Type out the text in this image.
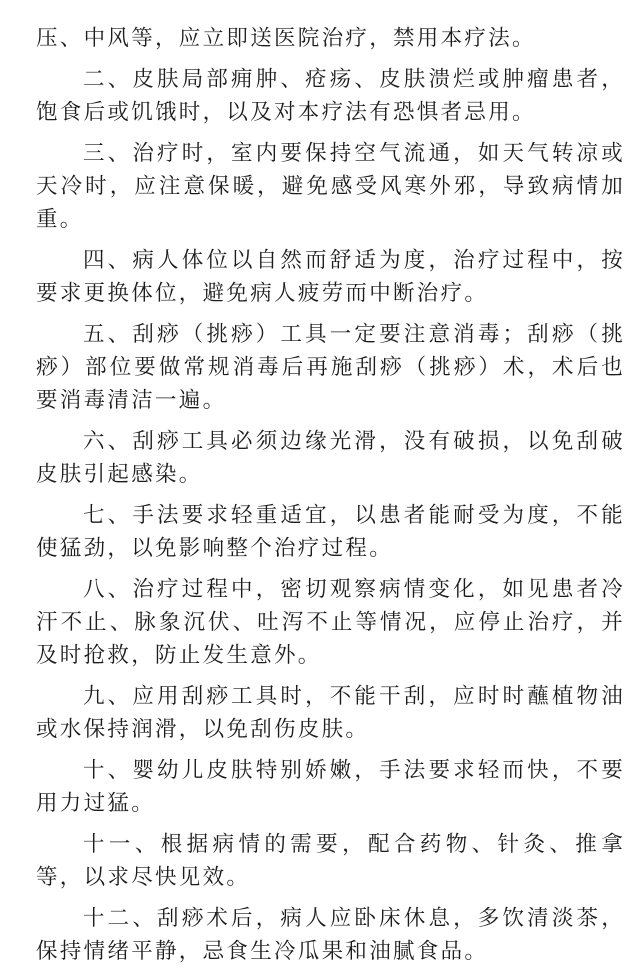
压、中风等，应立即送医院治疗，禁用本疗法。

二、皮肤局部痈肿、疮疡、皮肤溃烂或肿瘤患者，饱食后或饥饿时，以及对本疗法有恐惧者忌用。

三、治疗时，室内要保持空气流通，如天气转凉或天冷时，应注意保暖，避免感受风寒外邪，导致病情加重。

四、病人体位以自然而舒适为度，治疗过程中，按要求更换体位，避免病人疲劳而中断治疗。

五、刮痧（挑痧）工具一定要注意消毒；刮痧（挑痧）部位要做常规消毒后再施刮痧（挑痧）术，术后也要消毒清洁一遍。

六、刮痧工具必须边缘光滑，没有破损，以免刮破皮肤引起感染。

七、手法要求轻重适宜，以患者能耐受为度，不能使猛劲，以免影响整个治疗过程。

八、治疗过程中，密切观察病情变化，如见患者冷汗不止、脉象沉伏、吐泻不止等情况，应停止治疗，并及时抢救，防止发生意外。

九、应用刮痧工具时，不能干刮，应时时蘸植物油或水保持润滑，以免刮伤皮肤。

十、婴幼儿皮肤特别娇嫩，手法要求轻而快，不要用力过猛。

十一、根据病情的需要，配合药物、针灸、推拿等，以求尽快见效。

十二、刮痧术后，病人应卧床休息，多饮清淡茶，保持情绪平静，忌食生冷瓜果和油腻食品。
